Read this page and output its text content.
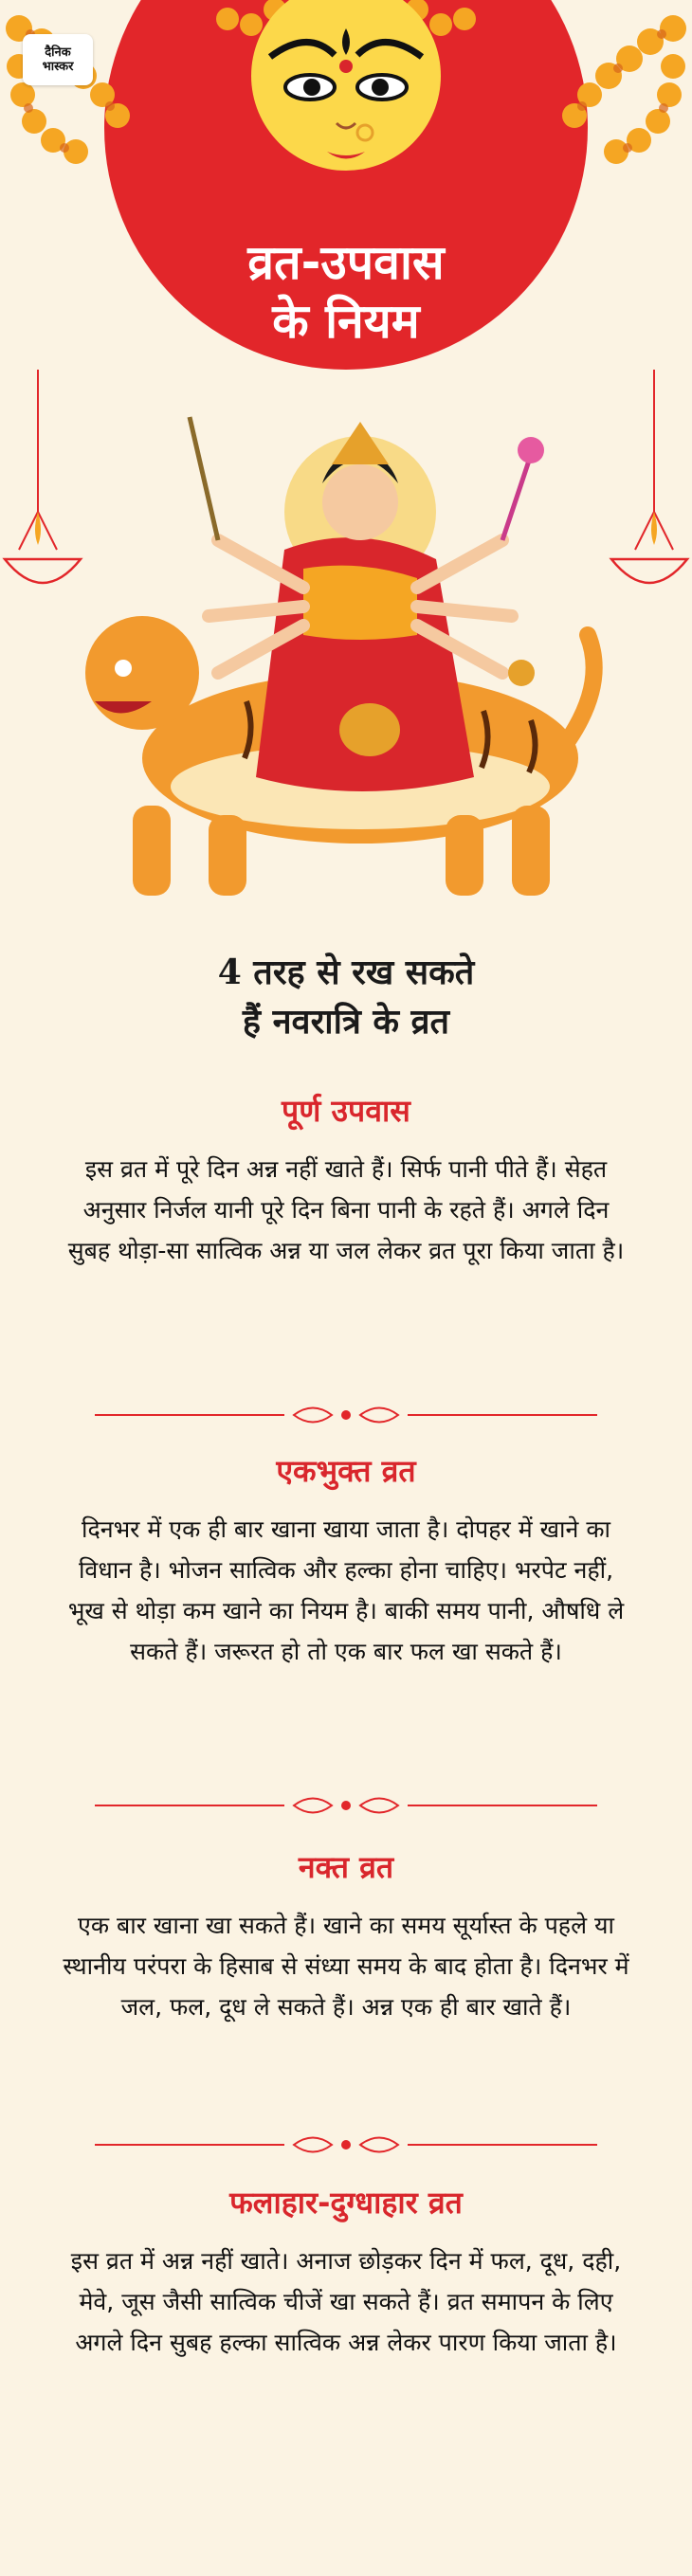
दैनिक
भास्कर
व्रत-उपवास
के नियम
4 तरह से रख सकते
हैं नवरात्रि के व्रत
पूर्ण उपवास
इस व्रत में पूरे दिन अन्न नहीं खाते हैं। सिर्फ पानी पीते हैं। सेहत अनुसार निर्जल यानी पूरे दिन बिना पानी के रहते हैं। अगले दिन सुबह थोड़ा-सा सात्विक अन्न या जल लेकर व्रत पूरा किया जाता है।
एकभुक्त व्रत
दिनभर में एक ही बार खाना खाया जाता है। दोपहर में खाने का विधान है। भोजन सात्विक और हल्का होना चाहिए। भरपेट नहीं, भूख से थोड़ा कम खाने का नियम है। बाकी समय पानी, औषधि ले सकते हैं। जरूरत हो तो एक बार फल खा सकते हैं।
नक्त व्रत
एक बार खाना खा सकते हैं। खाने का समय सूर्यास्त के पहले या स्थानीय परंपरा के हिसाब से संध्या समय के बाद होता है। दिनभर में जल, फल, दूध ले सकते हैं। अन्न एक ही बार खाते हैं।
फलाहार-दुग्धाहार व्रत
इस व्रत में अन्न नहीं खाते। अनाज छोड़कर दिन में फल, दूध, दही, मेवे, जूस जैसी सात्विक चीजें खा सकते हैं। व्रत समापन के लिए अगले दिन सुबह हल्का सात्विक अन्न लेकर पारण किया जाता है।
